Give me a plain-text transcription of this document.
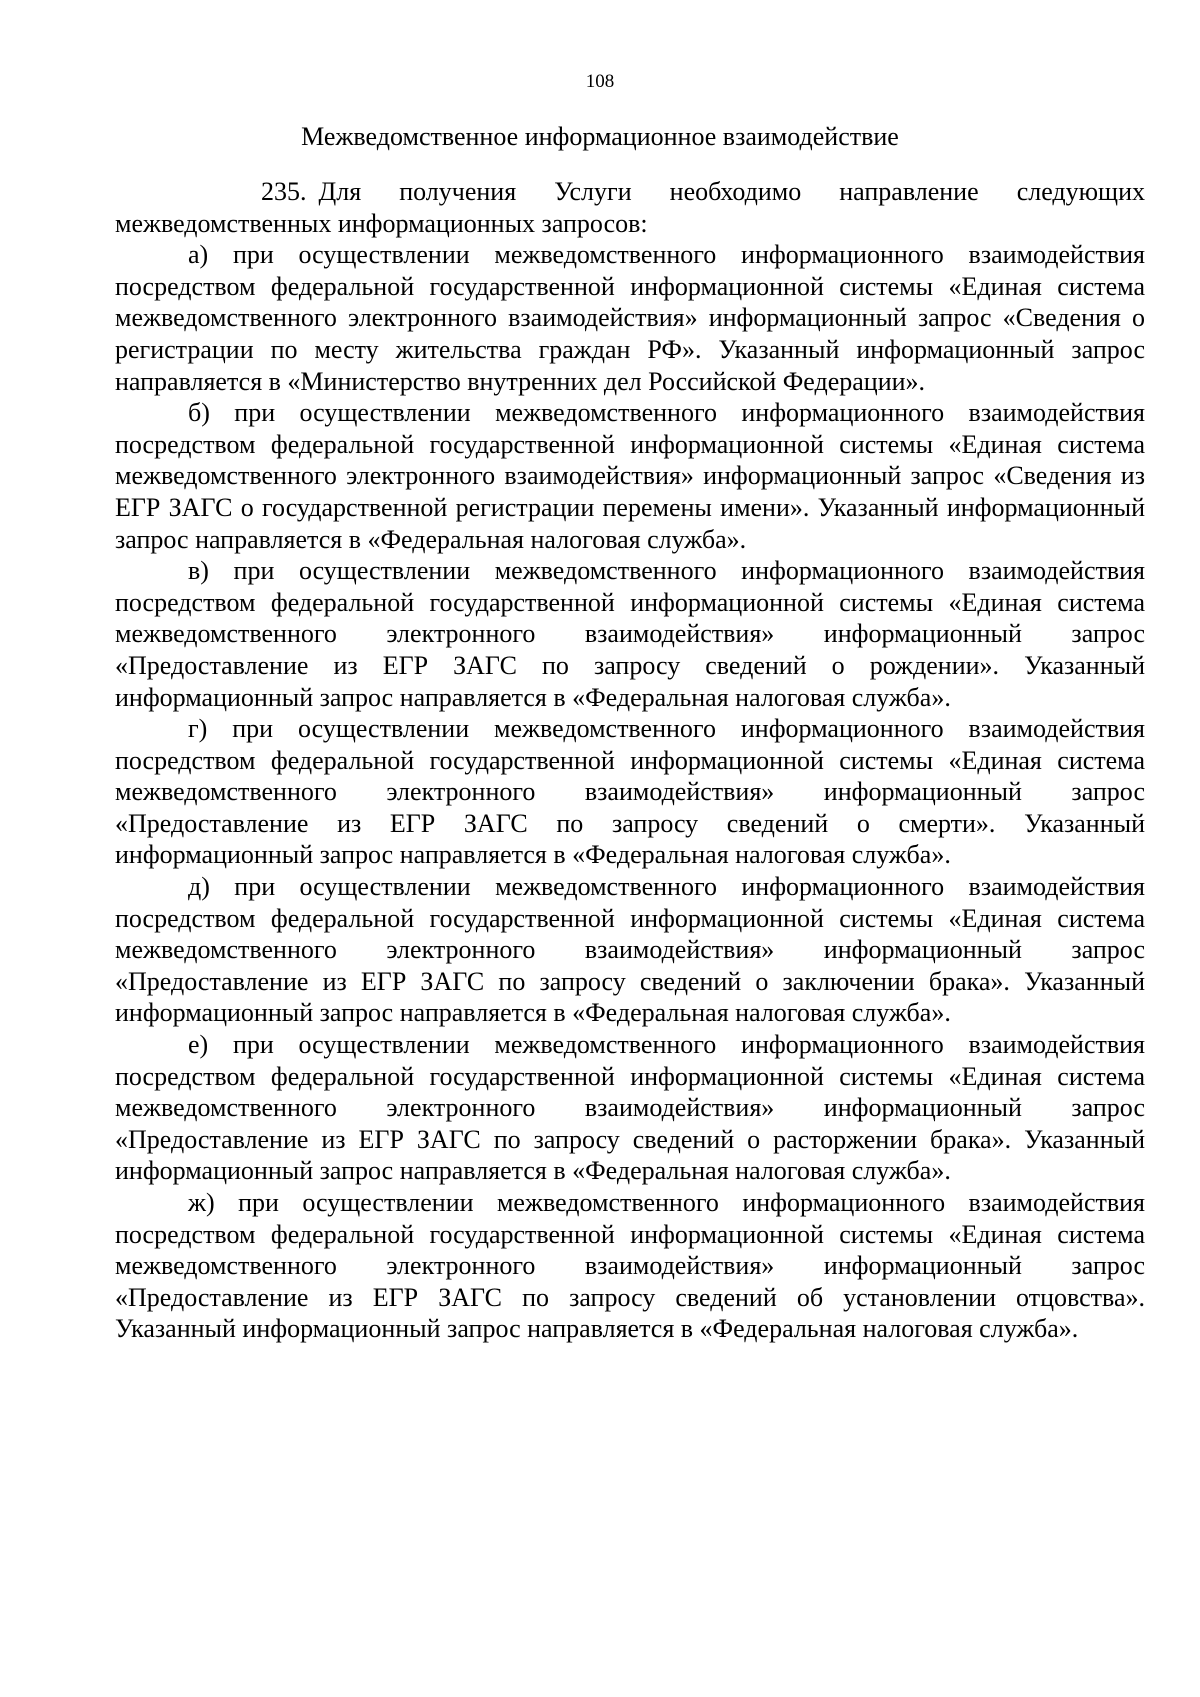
108
Межведомственное информационное взаимодействие

235. Для получения Услуги необходимо направление следующих межведомственных информационных запросов:

а) при осуществлении межведомственного информационного взаимодействия посредством федеральной государственной информационной системы «Единая система межведомственного электронного взаимодействия» информационный запрос «Сведения о регистрации по месту жительства граждан РФ». Указанный информационный запрос направляется в «Министерство внутренних дел Российской Федерации».

б) при осуществлении межведомственного информационного взаимодействия посредством федеральной государственной информационной системы «Единая система межведомственного электронного взаимодействия» информационный запрос «Сведения из ЕГР ЗАГС о государственной регистрации перемены имени». Указанный информационный запрос направляется в «Федеральная налоговая служба».

в) при осуществлении межведомственного информационного взаимодействия посредством федеральной государственной информационной системы «Единая система межведомственного электронного взаимодействия» информационный запрос «Предоставление из ЕГР ЗАГС по запросу сведений о рождении». Указанный информационный запрос направляется в «Федеральная налоговая служба».

г) при осуществлении межведомственного информационного взаимодействия посредством федеральной государственной информационной системы «Единая система межведомственного электронного взаимодействия» информационный запрос «Предоставление из ЕГР ЗАГС по запросу сведений о смерти». Указанный информационный запрос направляется в «Федеральная налоговая служба».

д) при осуществлении межведомственного информационного взаимодействия посредством федеральной государственной информационной системы «Единая система межведомственного электронного взаимодействия» информационный запрос «Предоставление из ЕГР ЗАГС по запросу сведений о заключении брака». Указанный информационный запрос направляется в «Федеральная налоговая служба».

е) при осуществлении межведомственного информационного взаимодействия посредством федеральной государственной информационной системы «Единая система межведомственного электронного взаимодействия» информационный запрос «Предоставление из ЕГР ЗАГС по запросу сведений о расторжении брака». Указанный информационный запрос направляется в «Федеральная налоговая служба».

ж) при осуществлении межведомственного информационного взаимодействия посредством федеральной государственной информационной системы «Единая система межведомственного электронного взаимодействия» информационный запрос «Предоставление из ЕГР ЗАГС по запросу сведений об установлении отцовства». Указанный информационный запрос направляется в «Федеральная налоговая служба».
